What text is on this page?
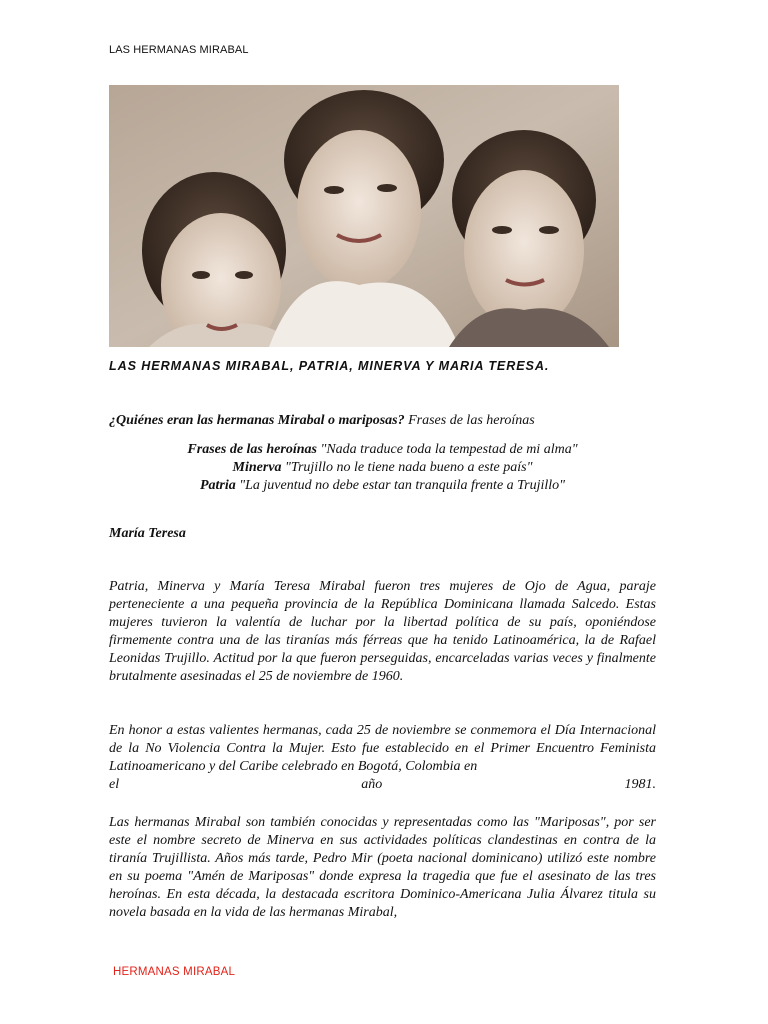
LAS HERMANAS MIRABAL
LAS HERMANAS MIRABAL, PATRIA, MINERVA Y MARIA TERESA.
¿Quiénes eran las hermanas Mirabal o mariposas? Frases de las heroínas
Frases de las heroínas "Nada traduce toda la tempestad de mi alma"
Minerva "Trujillo no le tiene nada bueno a este país"
Patria "La juventud no debe estar tan tranquila frente a Trujillo"
María Teresa
Patria, Minerva y María Teresa Mirabal fueron tres mujeres de Ojo de Agua, paraje perteneciente a una pequeña provincia de la República Dominicana llamada Salcedo. Estas mujeres tuvieron la valentía de luchar por la libertad política de su país, oponiéndose firmemente contra una de las tiranías más férreas que ha tenido Latinoamérica, la de Rafael Leonidas Trujillo. Actitud por la que fueron perseguidas, encarceladas varias veces y finalmente brutalmente asesinadas el 25 de noviembre de 1960.
En honor a estas valientes hermanas, cada 25 de noviembre se conmemora el Día Internacional de la No Violencia Contra la Mujer. Esto fue establecido en el Primer Encuentro Feminista Latinoamericano y del Caribe celebrado en Bogotá, Colombia en
el	año	1981.
Las hermanas Mirabal son también conocidas y representadas como las "Mariposas", por ser este el nombre secreto de Minerva en sus actividades políticas clandestinas en contra de la tiranía Trujillista. Años más tarde, Pedro Mir (poeta nacional dominicano) utilizó este nombre en su poema "Amén de Mariposas" donde expresa la tragedia que fue el asesinato de las tres heroínas. En esta década, la destacada escritora Dominico-Americana Julia Álvarez titula su novela basada en la vida de las hermanas Mirabal,
HERMANAS MIRABAL
